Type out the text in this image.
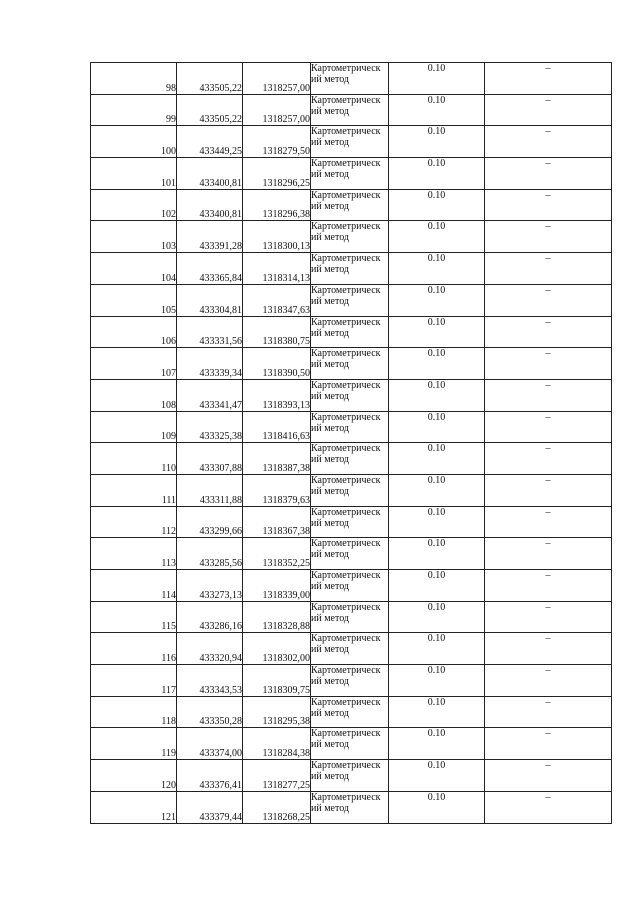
98	433505,22	1318257,00	Картометрическ
ий метод	0.10	–
99	433505,22	1318257,00	Картометрическ
ий метод	0.10	–
100	433449,25	1318279,50	Картометрическ
ий метод	0.10	–
101	433400,81	1318296,25	Картометрическ
ий метод	0.10	–
102	433400,81	1318296,38	Картометрическ
ий метод	0.10	–
103	433391,28	1318300,13	Картометрическ
ий метод	0.10	–
104	433365,84	1318314,13	Картометрическ
ий метод	0.10	–
105	433304,81	1318347,63	Картометрическ
ий метод	0.10	–
106	433331,56	1318380,75	Картометрическ
ий метод	0.10	–
107	433339,34	1318390,50	Картометрическ
ий метод	0.10	–
108	433341,47	1318393,13	Картометрическ
ий метод	0.10	–
109	433325,38	1318416,63	Картометрическ
ий метод	0.10	–
110	433307,88	1318387,38	Картометрическ
ий метод	0.10	–
111	433311,88	1318379,63	Картометрическ
ий метод	0.10	–
112	433299,66	1318367,38	Картометрическ
ий метод	0.10	–
113	433285,56	1318352,25	Картометрическ
ий метод	0.10	–
114	433273,13	1318339,00	Картометрическ
ий метод	0.10	–
115	433286,16	1318328,88	Картометрическ
ий метод	0.10	–
116	433320,94	1318302,00	Картометрическ
ий метод	0.10	–
117	433343,53	1318309,75	Картометрическ
ий метод	0.10	–
118	433350,28	1318295,38	Картометрическ
ий метод	0.10	–
119	433374,00	1318284,38	Картометрическ
ий метод	0.10	–
120	433376,41	1318277,25	Картометрическ
ий метод	0.10	–
121	433379,44	1318268,25	Картометрическ
ий метод	0.10	–
